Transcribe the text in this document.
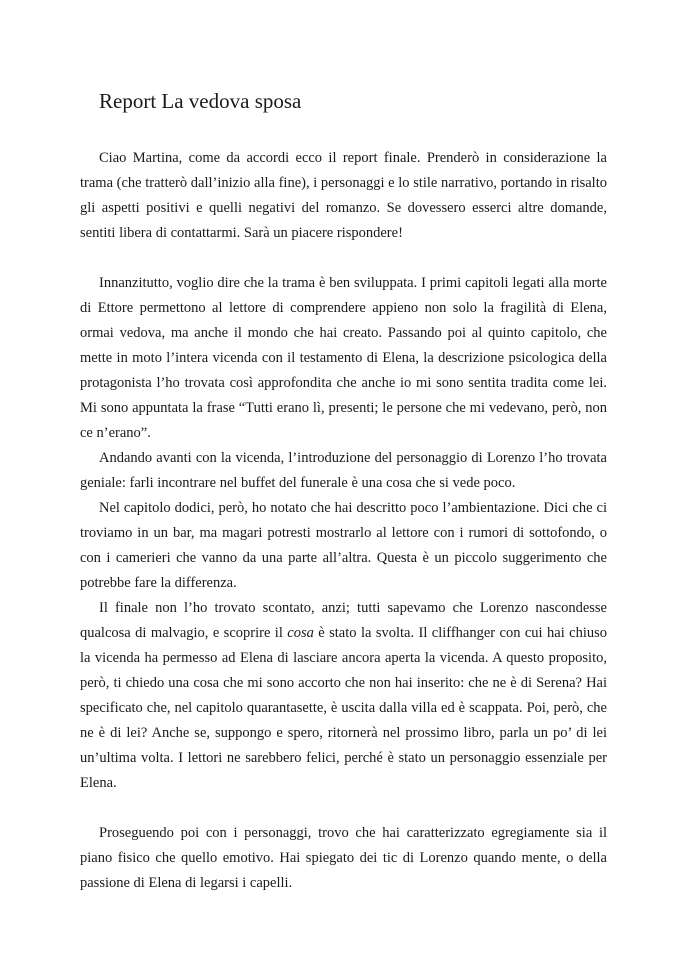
Report La vedova sposa

Ciao Martina, come da accordi ecco il report finale. Prenderò in considerazione la trama (che tratterò dall’inizio alla fine), i personaggi e lo stile narrativo, portando in risalto gli aspetti positivi e quelli negativi del romanzo. Se dovessero esserci altre domande, sentiti libera di contattarmi. Sarà un piacere rispondere!

Innanzitutto, voglio dire che la trama è ben sviluppata. I primi capitoli legati alla morte di Ettore permettono al lettore di comprendere appieno non solo la fragilità di Elena, ormai vedova, ma anche il mondo che hai creato. Passando poi al quinto capitolo, che mette in moto l’intera vicenda con il testamento di Elena, la descrizione psicologica della protagonista l’ho trovata così approfondita che anche io mi sono sentita tradita come lei. Mi sono appuntata la frase “Tutti erano lì, presenti; le persone che mi vedevano, però, non ce n’erano”.

Andando avanti con la vicenda, l’introduzione del personaggio di Lorenzo l’ho trovata geniale: farli incontrare nel buffet del funerale è una cosa che si vede poco.

Nel capitolo dodici, però, ho notato che hai descritto poco l’ambientazione. Dici che ci troviamo in un bar, ma magari potresti mostrarlo al lettore con i rumori di sottofondo, o con i camerieri che vanno da una parte all’altra. Questa è un piccolo suggerimento che potrebbe fare la differenza.

Il finale non l’ho trovato scontato, anzi; tutti sapevamo che Lorenzo nascondesse qualcosa di malvagio, e scoprire il cosa è stato la svolta. Il cliffhanger con cui hai chiuso la vicenda ha permesso ad Elena di lasciare ancora aperta la vicenda. A questo proposito, però, ti chiedo una cosa che mi sono accorto che non hai inserito: che ne è di Serena? Hai specificato che, nel capitolo quarantasette, è uscita dalla villa ed è scappata. Poi, però, che ne è di lei? Anche se, suppongo e spero, ritornerà nel prossimo libro, parla un po’ di lei un’ultima volta. I lettori ne sarebbero felici, perché è stato un personaggio essenziale per Elena.

Proseguendo poi con i personaggi, trovo che hai caratterizzato egregiamente sia il piano fisico che quello emotivo. Hai spiegato dei tic di Lorenzo quando mente, o della passione di Elena di legarsi i capelli.
